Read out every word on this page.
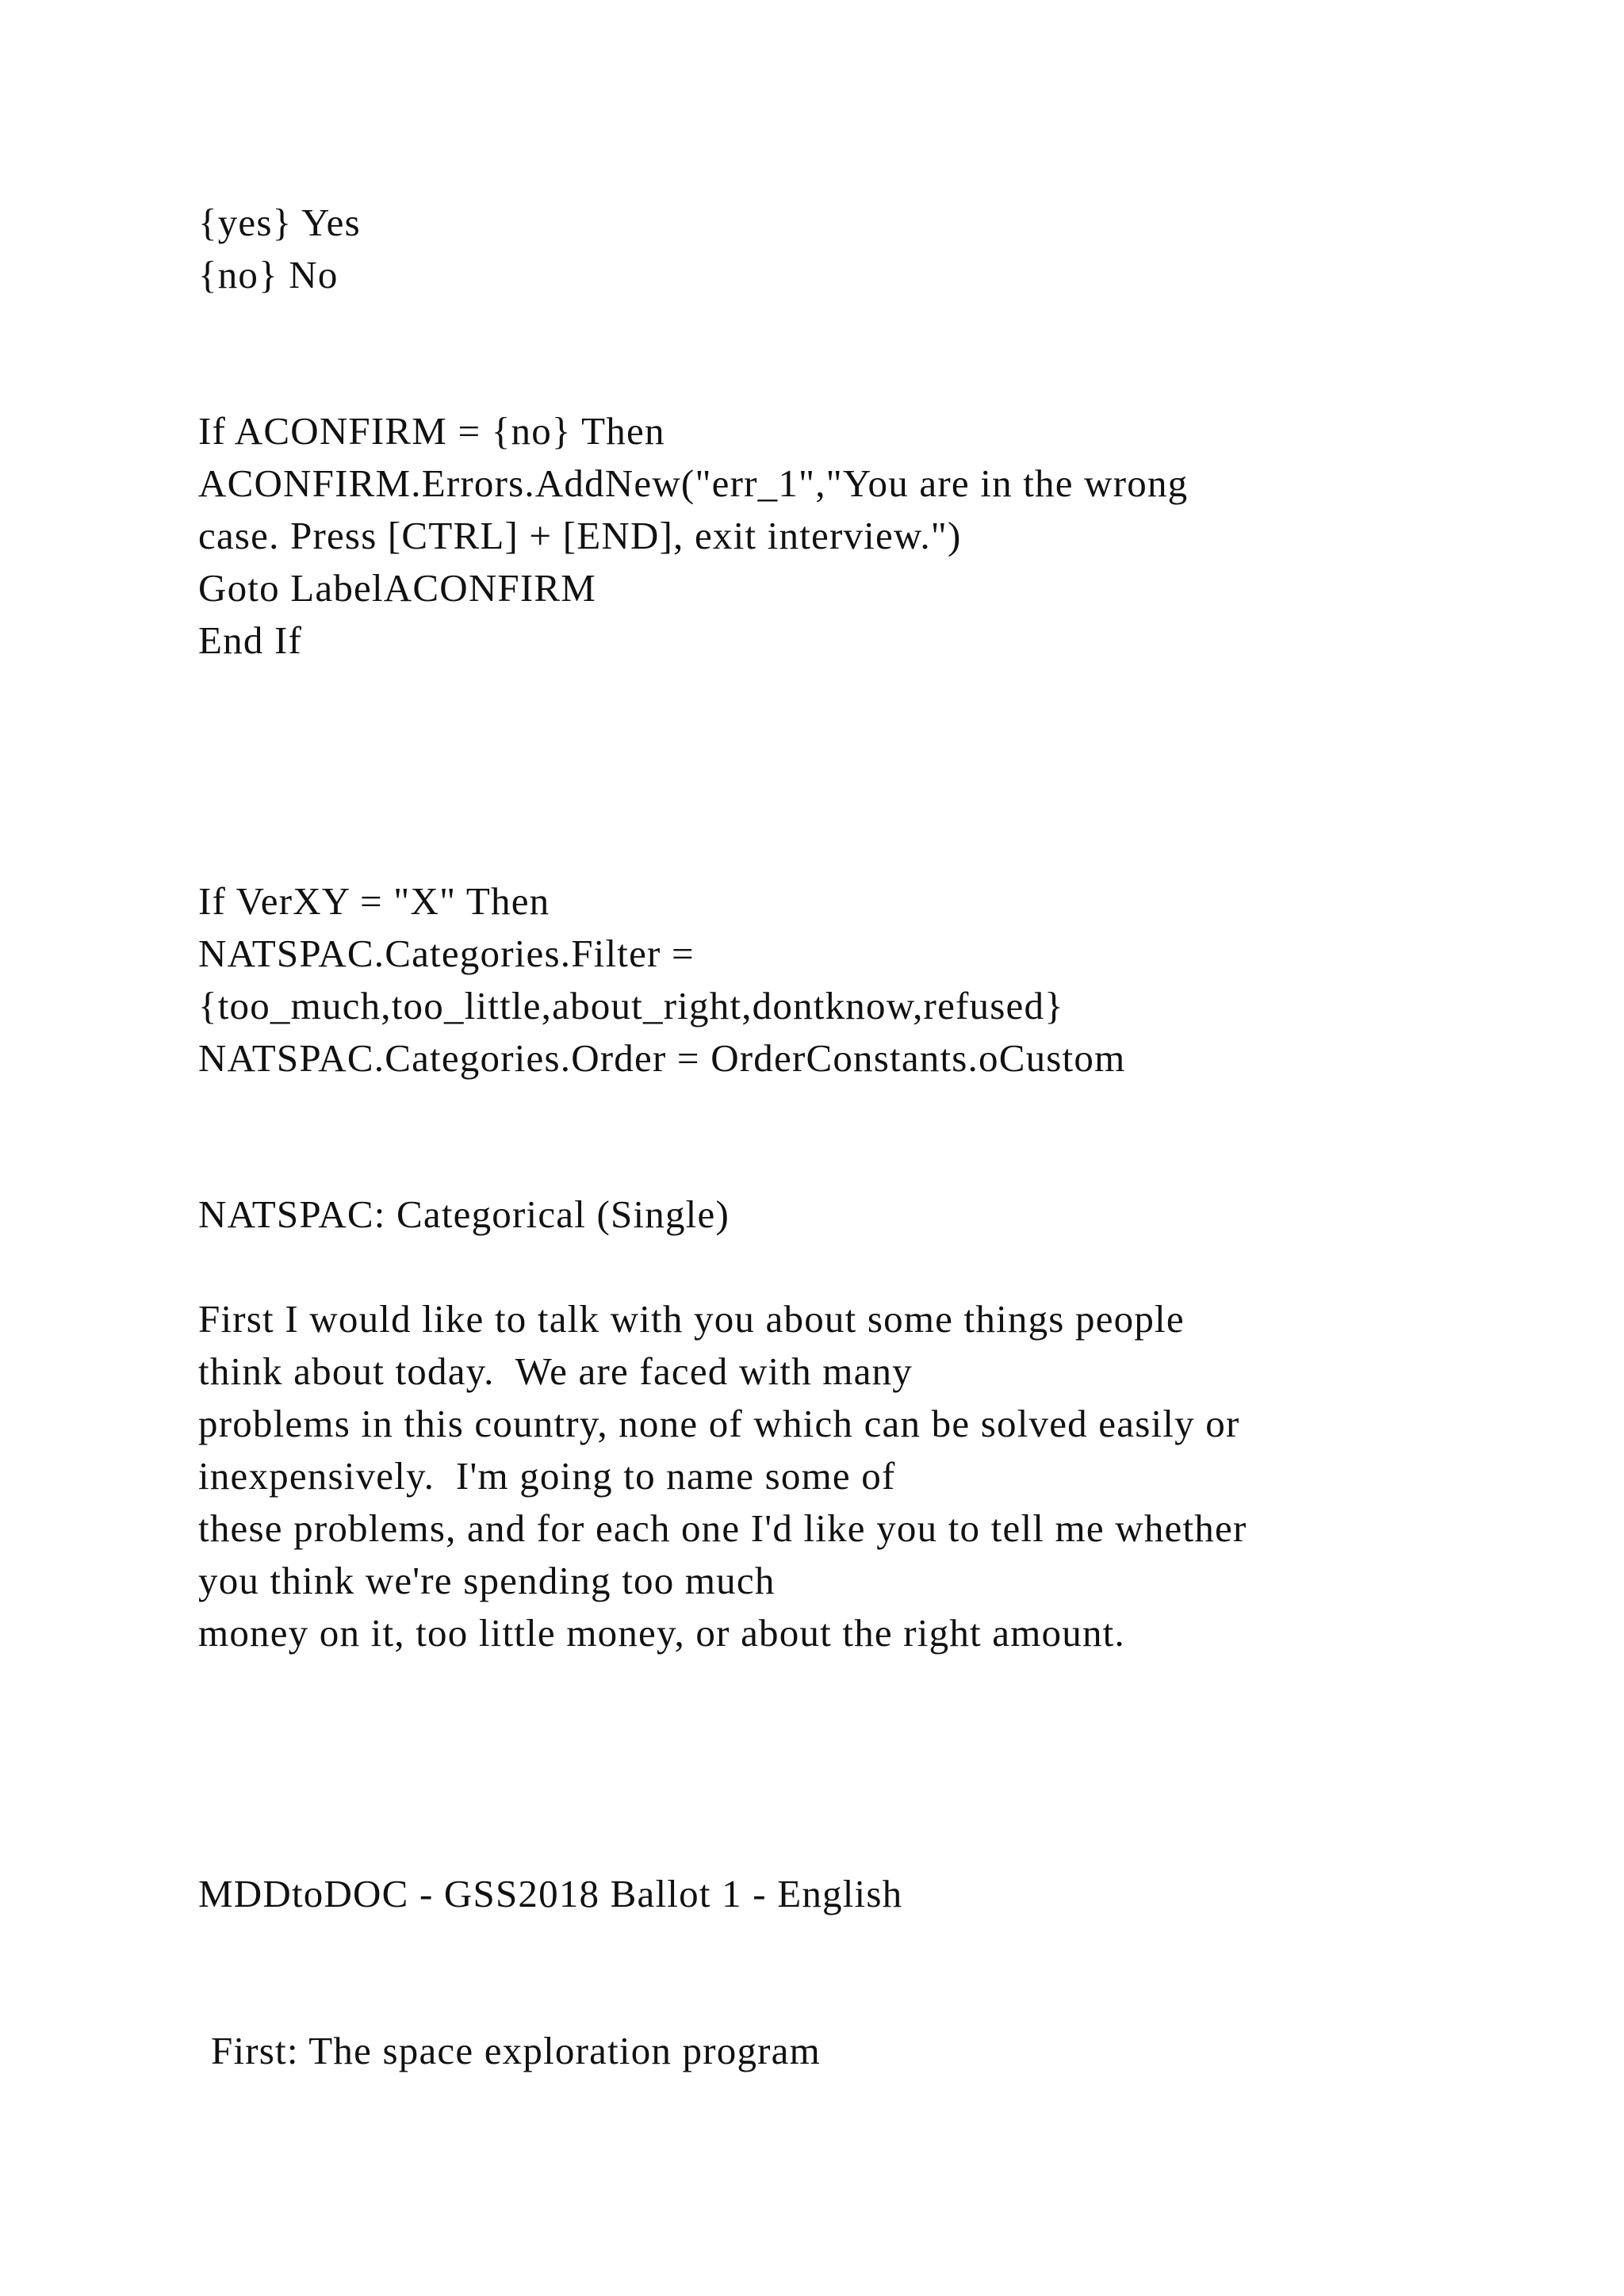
{yes} Yes
{no} No
If ACONFIRM = {no} Then
ACONFIRM.Errors.AddNew("err_1","You are in the wrong
case. Press [CTRL] + [END], exit interview.")
Goto LabelACONFIRM
End If
If VerXY = "X" Then
NATSPAC.Categories.Filter =
{too_much,too_little,about_right,dontknow,refused}
NATSPAC.Categories.Order = OrderConstants.oCustom
NATSPAC: Categorical (Single)
First I would like to talk with you about some things people
think about today.  We are faced with many
problems in this country, none of which can be solved easily or
inexpensively.  I'm going to name some of
these problems, and for each one I'd like you to tell me whether
you think we're spending too much
money on it, too little money, or about the right amount.
MDDtoDOC - GSS2018 Ballot 1 - English
First: The space exploration program
